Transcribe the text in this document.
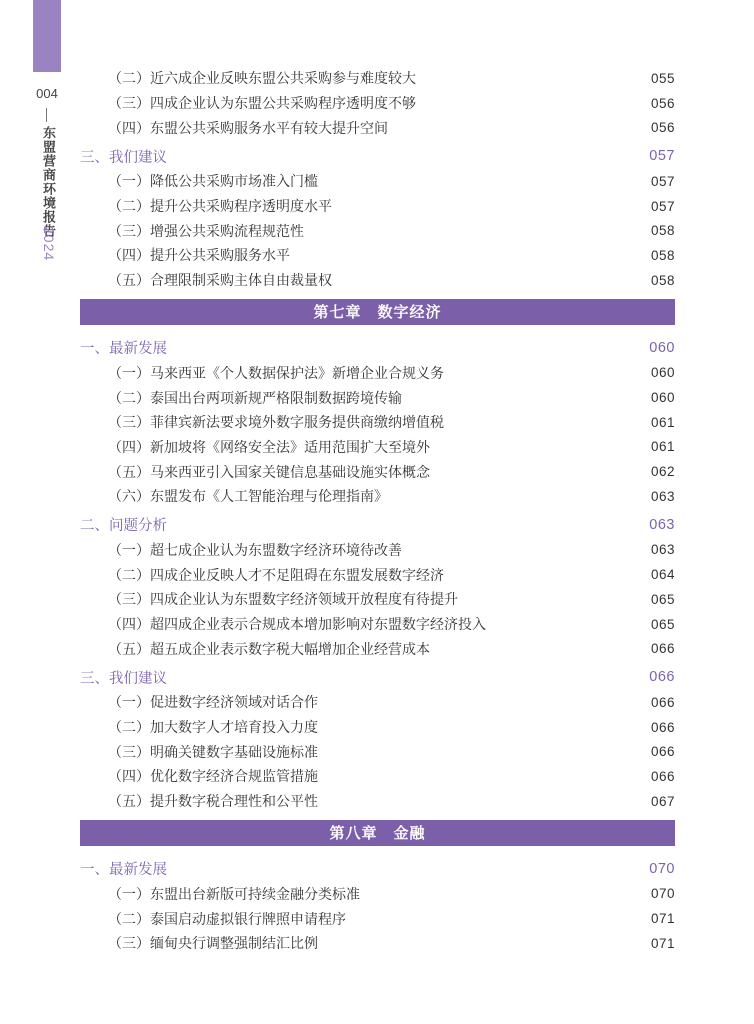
004
东盟营商环境报告
2024
（二）近六成企业反映东盟公共采购参与难度较大	055
（三）四成企业认为东盟公共采购程序透明度不够	056
（四）东盟公共采购服务水平有较大提升空间	056
三、我们建议	057
（一）降低公共采购市场准入门槛	057
（二）提升公共采购程序透明度水平	057
（三）增强公共采购流程规范性	058
（四）提升公共采购服务水平	058
（五）合理限制采购主体自由裁量权	058
第七章　数字经济
一、最新发展	060
（一）马来西亚《个人数据保护法》新增企业合规义务	060
（二）泰国出台两项新规严格限制数据跨境传输	060
（三）菲律宾新法要求境外数字服务提供商缴纳增值税	061
（四）新加坡将《网络安全法》适用范围扩大至境外	061
（五）马来西亚引入国家关键信息基础设施实体概念	062
（六）东盟发布《人工智能治理与伦理指南》	063
二、问题分析	063
（一）超七成企业认为东盟数字经济环境待改善	063
（二）四成企业反映人才不足阻碍在东盟发展数字经济	064
（三）四成企业认为东盟数字经济领域开放程度有待提升	065
（四）超四成企业表示合规成本增加影响对东盟数字经济投入	065
（五）超五成企业表示数字税大幅增加企业经营成本	066
三、我们建议	066
（一）促进数字经济领域对话合作	066
（二）加大数字人才培育投入力度	066
（三）明确关键数字基础设施标准	066
（四）优化数字经济合规监管措施	066
（五）提升数字税合理性和公平性	067
第八章　金融
一、最新发展	070
（一）东盟出台新版可持续金融分类标准	070
（二）泰国启动虚拟银行牌照申请程序	071
（三）缅甸央行调整强制结汇比例	071
